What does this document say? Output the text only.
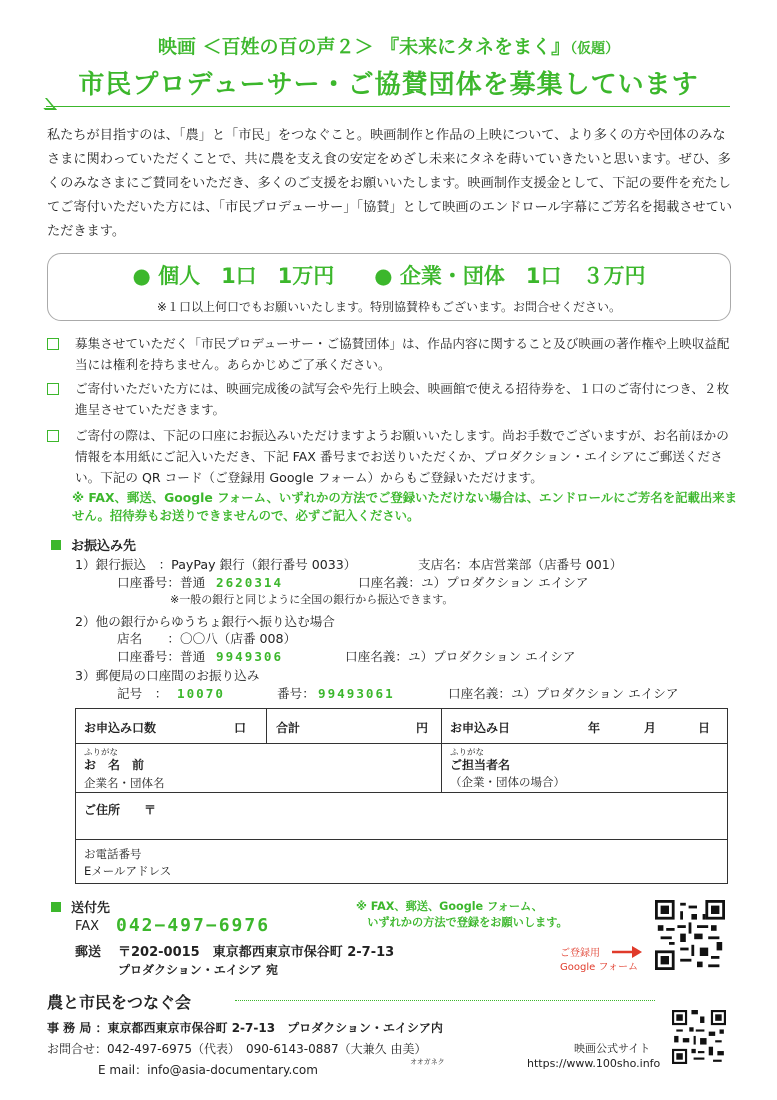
映画 ＜百姓の百の声２＞ 『未来にタネをまく』（仮題）
市民プロデューサー・ご協賛団体を募集しています
私たちが目指すのは、「農」と「市民」をつなぐこと。映画制作と作品の上映について、より多くの方や団体のみなさまに関わっていただくことで、共に農を支え食の安定をめざし未来にタネを蒔いていきたいと思います。ぜひ、多くのみなさまにご賛同をいただき、多くのご支援をお願いいたします。映画制作支援金として、下記の要件を充たしてご寄付いただいた方には、「市民プロデューサー」「協賛」として映画のエンドロール字幕にご芳名を掲載させていただきます。
● 個人　1口　1万円 ● 企業・団体　1口　３万円
※１口以上何口でもお願いいたします。特別協賛枠もございます。お問合せください。
募集させていただく「市民プロデューサー・ご協賛団体」は、作品内容に関すること及び映画の著作権や上映収益配当には権利を持ちません。あらかじめご了承ください。
ご寄付いただいた方には、映画完成後の試写会や先行上映会、映画館で使える招待券を、１口のご寄付につき、２枚進呈させていただきます。
ご寄付の際は、下記の口座にお振込みいただけますようお願いいたします。尚お手数でございますが、お名前ほかの情報を本用紙にご記入いただき、下記 FAX 番号までお送りいただくか、プロダクション・エイシアにご郵送ください。下記の QR コード（ご登録用 Google フォーム）からもご登録いただけます。
※ FAX、郵送、Google フォーム、いずれかの方法でご登録いただけない場合は、エンドロールにご芳名を記載出来ません。招待券もお送りできませんので、必ずご記入ください。
お振込み先
1）銀行振込　：PayPay 銀行（銀行番号 0033）	支店名：本店営業部（店番号 001）
口座番号：普通 2620314	口座名義：ユ）プロダクション エイシア
※一般の銀行と同じように全国の銀行から振込できます。
2）他の銀行からゆうちょ銀行へ振り込む場合
店名　　：〇〇八（店番 008）
口座番号：普通 9949306	口座名義：ユ）プロダクション エイシア
3）郵便局の口座間のお振り込み
記号　： 10070	番号： 99493061	口座名義：ユ）プロダクション エイシア
お申込み口数	口 合計	円 お申込み日	年	月	日
ふりがな
お　名　前
企業名・団体名
ふりがな
ご担当者名
（企業・団体の場合）
ご住所　　〒
お電話番号
Eメールアドレス
送付先
FAX 042−497−6976
郵送 〒202-0015　東京都西東京市保谷町 2-7-13
プロダクション・エイシア 宛
※ FAX、郵送、Google フォーム、
　いずれかの方法で登録をお願いします。
ご登録用
Google フォーム
農と市民をつなぐ会
事 務 局 ：東京都西東京市保谷町 2-7-13　プロダクション・エイシア内
お問合せ：042-497-6975（代表）　090-6143-0887（大兼久 由美）
オオガネク
E mail：info@asia-documentary.com
映画公式サイト
https://www.100sho.info
